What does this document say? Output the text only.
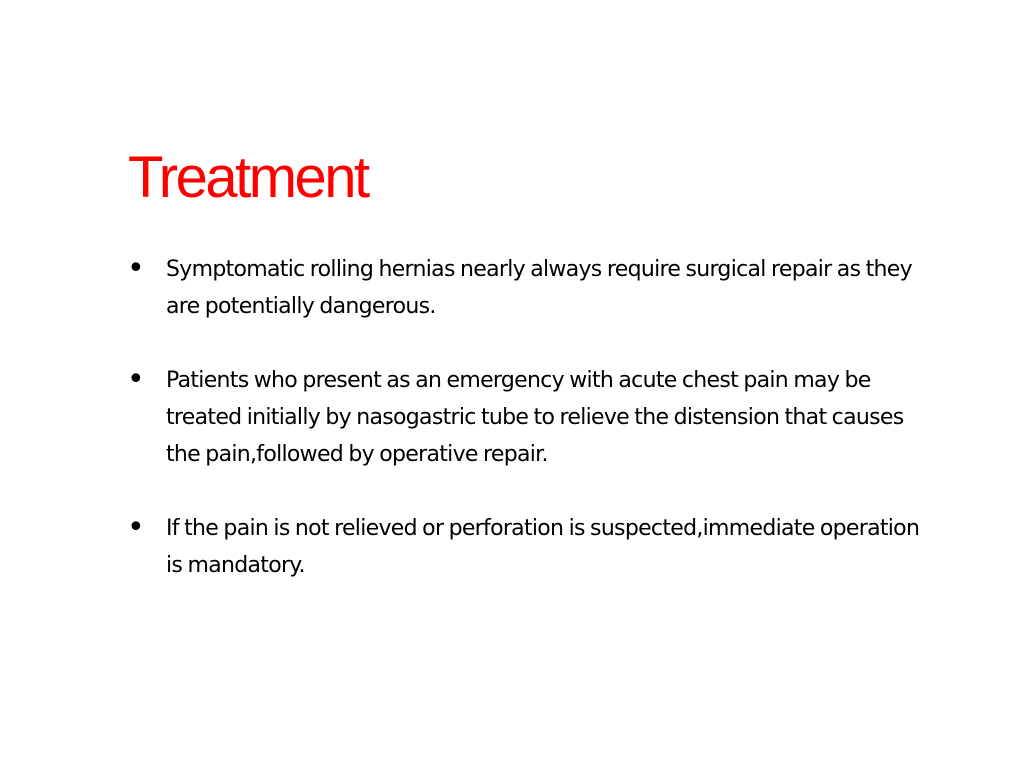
Treatment
• Symptomatic rolling hernias nearly always require surgical repair as they are potentially dangerous.
• Patients who present as an emergency with acute chest pain may be treated initially by nasogastric tube to relieve the distension that causes the pain,followed by operative repair.
• If the pain is not relieved or perforation is suspected,immediate operation is mandatory.
